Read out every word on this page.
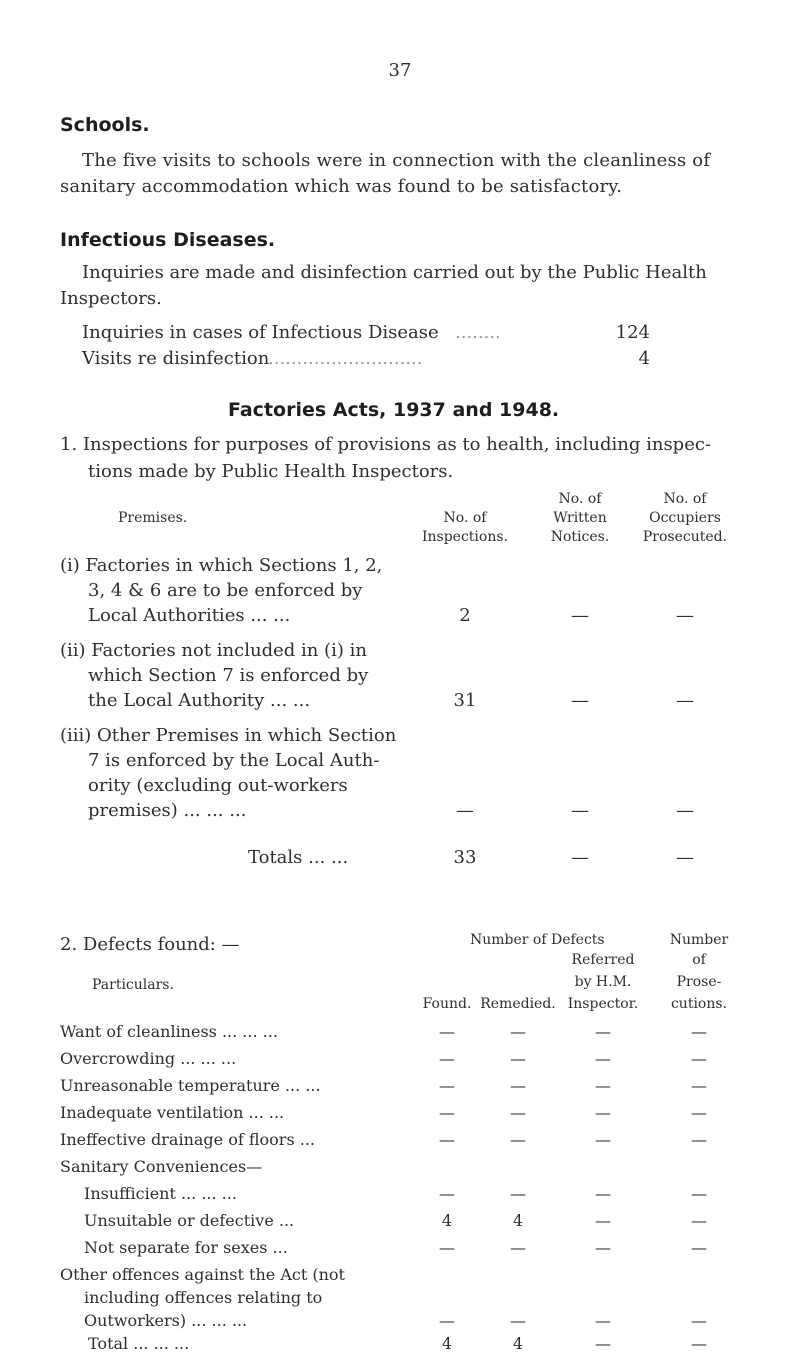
37
Schools.
The five visits to schools were in connection with the cleanliness of
sanitary accommodation which was found to be satisfactory.
Infectious Diseases.
Inquiries are made and disinfection carried out by the Public Health
Inspectors.
Inquiries in cases of Infectious Disease ........	124
Visits re disinfection
...........................	4
Factories Acts, 1937 and 1948.
1. Inspections for purposes of provisions as to health, including inspec-
tions made by Public Health Inspectors.
Premises.	No. of
Inspections.
No. of
Written
Notices.
No. of
Occupiers
Prosecuted.
(i) Factories in which Sections 1, 2,
3, 4 & 6 are to be enforced by
Local Authorities ... ...	2	—	—
(ii) Factories not included in (i) in
which Section 7 is enforced by
the Local Authority ... ...	31	—	—
(iii) Other Premises in which Section
7 is enforced by the Local Auth-
ority (excluding out-workers
premises) ... ... ...	—	—	—
Totals ... ...	33	—	—
2. Defects found: —
Particulars.
Number of Defects
Found. Remedied.
Referred
by H.M.
Inspector.
Number
of
Prose-
cutions.
Want of cleanliness ... ... ...	—	—	—	—
Overcrowding ... ... ...	—	—	—	—
Unreasonable temperature ... ...	—	—	—	—
Inadequate ventilation ... ...	—	—	—	—
Ineffective drainage of floors ...	—	—	—	—
Sanitary Conveniences—
Insufficient ... ... ...	—	—	—	—
Unsuitable or defective ...	4	4	—	—
Not separate for sexes ...	—	—	—	—
Other offences against the Act (not
including offences relating to
Outworkers) ... ... ...	—	—	—	—
Total ... ... ...	4	4	—	—
